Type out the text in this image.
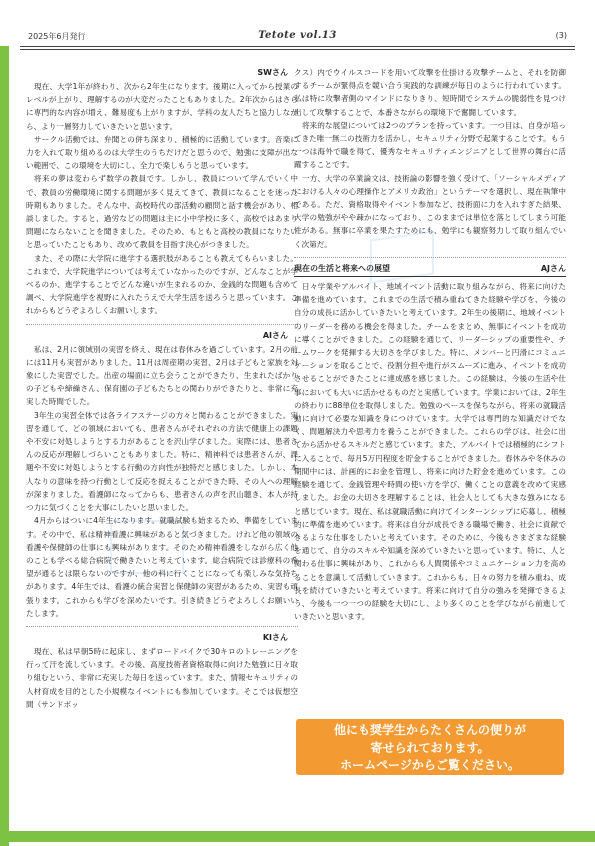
2025年6月発行	Tetote vol.13	(3)
SWさん

現在、大学1年が終わり、次から2年生になります。後期に入ってから授業のレベルが上がり、理解するのが大変だったこともありました。2年次からはさらに専門的な内容が増え、難易度も上がりますが、学科の友人たちと協力しながら、より一層努力していきたいと思います。

サークル活動では、弁聞との併ち深まり、積極的に活動しています。音楽に力を入れて取り組めるのは大学生のうちだけだと思うので、勉強に支障が出ない範囲で、この環境を大切にし、全力で楽しもうと思っています。

将来の夢は変わらず数学の教員です。しかし、教員について学んでいく中で、教員の労働環境に関する問題が多く見えてきて、教員になることを迷った時期もありました。そんな中、高校時代の部活動の顧問と話す機会があり、相談しました。すると、過労などの問題は主に小中学校に多く、高校ではあまり問題にならないことを聞きました。そのため、もともと高校の教員になりたいと思っていたこともあり、改めて教員を目指す決心がつきました。

また、その際に大学院に進学する選択肢があることも教えてもらいました。これまで、大学院進学については考えていなかったのですが、どんなことが学べるのか、進学することでどんな違いが生まれるのか、金銭的な問題も含めて調べ、大学院進学を視野に入れたうえで大学生活を送ろうと思っています。これからもどうぞよろしくお願いします。

AIさん

私は、2月に領域別の実習を終え、現在は春休みを過ごしています。2月の前には11月も実習がありました。11月は周産期の実習、2月は子どもと家族を対象にした実習でした。出産の場面に立ち会うことができたり、生まれたばかりの子どもや締繰さん、保育園の子どもたちとの関わりができたりと、非常に充実した時間でした。

3年生の実習全体では各ライフステージの方々と関わることができました。実習を通して、どの領域においても、患者さんがそれぞれの方法で健康上の課題や不安に対処しようとする力があることを沢山学びました。実際には、患者さんの反応が理解しづらいこともありました。特に、精神科では患者さんが、課題や不安に対処しようとする行動の方向性が独特だと感じました。しかし、本人なりの意味を持つ行動として反応を捉えることができた時、その人への理解が深まりました。看護師になってからも、患者さんの声を沢山聴き、本人が持つ力に気づくことを大事にしたいと思いました。

4月からはついに4年生になります。就職試験も始まるため、準備をしています。その中で、私は精神看護に興味があると気づきました。けれど他の領域の看護や保健師の仕事にも興味があります。そのため精神看護をしながら広く他のことも学べる総合病院で働きたいと考えています。総合病院では診療科の希望が通るとは限らないのですが、他の科に行くことになっても楽しみな気持ちがあります。4年生では、看護の統合実習と保健師の実習があるため、実習も頑張ります。これからも学びを深めたいです。引き続きどうぞよろしくお願いいたします。

KIさん

現在、私は早朝5時に起床し、まずロードバイクで30キロのトレーニングを行って汗を流しています。その後、高度技術者資格取得に向けた勉強に日々取り組むという、非常に充実した毎日を送っています。また、情報セキュリティの人材育成を目的とした小規模なイベントにも参加しています。そこでは仮想空間（サンドボッ

クス）内でウイルスコードを用いて攻撃を仕掛ける攻撃チームと、それを防御するチームが緊得点を競い合う実践的な訓練が毎日のように行われています。私は特に攻撃者側のマインドになりきり、短時間でシステムの脆弱性を見つけ出して攻撃することで、本番さながらの環境下で奮闘しています。

将来的な展望については2つのプランを持っています。一つ目は、自身が培ってきた唯一無二の技術力を活かし、セキュリティ分野で起業することです。もう一つは海外で職を得て、優秀なセキュリティエンジニアとして世界の舞台に活躍することです。

一方、大学の卒業論文は、技術論の影響を強く受けて、「ソーシャルメディアにおける人々の心理操作とアメリカ政治」というテーマを選択し、現在執筆中である。ただ、資格取得やイベント参加など、技術面に力を入れすぎた結果、大学の勉強がやや疎かになっており、このままでは単位を落としてしまう可能性がある。無事に卒業を果たすためにも、勉学にも観察努力して取り組んでいく次第だ。

現在の生活と将来への展望	AJさん

日々学業やアルバイト、地域イベント活動に取り組みながら、将来に向けた準備を進めています。これまでの生活で積み重ねてきた経験や学びを、今後の自分の成長に活かしていきたいと考えています。2年生の後期に、地域イベントのリーダーを務める機会を得ました。チームをまとめ、無事にイベントを成功に導くことができました。この経験を通じて、リーダーシップの重要性や、チームワークを発揮する大切さを学びました。特に、メンバーと円滑にコミュニケーションを取ることで、役割分担や進行がスムーズに進み、イベントを成功させることができたことに達成感を感じました。この経験は、今後の生活や仕事においても大いに活かせるものだと実感しています。学業においては、2年生の終わりに88単位を取得しました。勉強のペースを保ちながら、将来の就職活動に向けて必要な知識を身につけています。大学では専門的な知識だけでなく、問題解決力や思考力を養うことができました。これらの学びは、社会に出てから活かせるスキルだと感じています。また、アルバイトでは積極的にシフトに入ることで、毎月5万円程度を貯金することができました。春休みや冬休みの期間中には、計画的にお金を管理し、将来に向けた貯金を進めています。この経験を通じて、金銭管理や時間の使い方を学び、働くことの意義を改めて実感しました。お金の大切さを理解することは、社会人としても大きな強みになると感じています。現在、私は就職活動に向けてインターンシップに応募し、積極的に準備を進めています。将来は自分が成長できる職場で働き、社会に貢献できるような仕事をしたいと考えています。そのために、今後もさまざまな経験を通じて、自分のスキルや知識を深めていきたいと思っています。特に、人と関わる仕事に興味があり、これからも人間関係やコミュニケーション力を高めることを意識して活動していきます。これからも、日々の努力を積み重ね、成長を続けていきたいと考えています。将来に向けて自分の強みを発揮できるよう、今後も一つ一つの経験を大切にし、より多くのことを学びながら前進していきたいと思います。

他にも奨学生からたくさんの便りが
寄せられております。
ホームページからご覧ください。
